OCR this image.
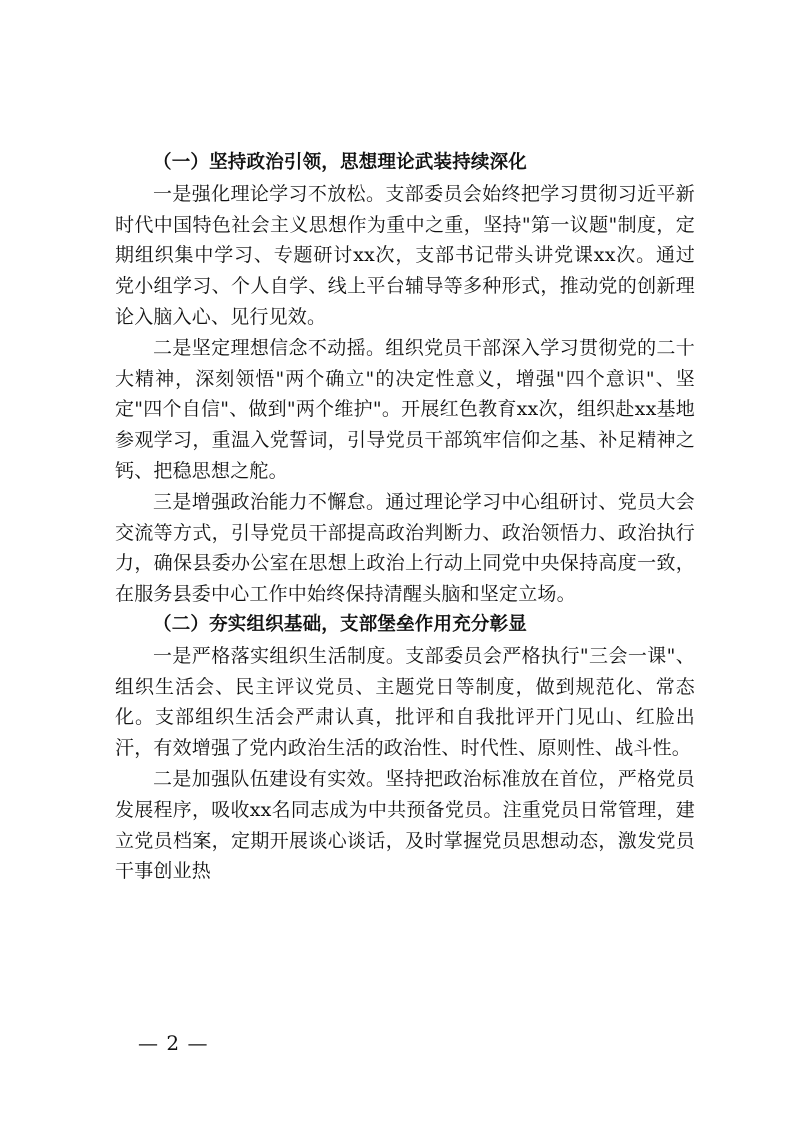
（一）坚持政治引领，思想理论武装持续深化

一是强化理论学习不放松。支部委员会始终把学习贯彻习近平新时代中国特色社会主义思想作为重中之重，坚持"第一议题"制度，定期组织集中学习、专题研讨xx次，支部书记带头讲党课xx次。通过党小组学习、个人自学、线上平台辅导等多种形式，推动党的创新理论入脑入心、见行见效。

二是坚定理想信念不动摇。组织党员干部深入学习贯彻党的二十大精神，深刻领悟"两个确立"的决定性意义，增强"四个意识"、坚定"四个自信"、做到"两个维护"。开展红色教育xx次，组织赴xx基地参观学习，重温入党誓词，引导党员干部筑牢信仰之基、补足精神之钙、把稳思想之舵。

三是增强政治能力不懈怠。通过理论学习中心组研讨、党员大会交流等方式，引导党员干部提高政治判断力、政治领悟力、政治执行力，确保县委办公室在思想上政治上行动上同党中央保持高度一致，在服务县委中心工作中始终保持清醒头脑和坚定立场。

（二）夯实组织基础，支部堡垒作用充分彰显

一是严格落实组织生活制度。支部委员会严格执行"三会一课"、组织生活会、民主评议党员、主题党日等制度，做到规范化、常态化。支部组织生活会严肃认真，批评和自我批评开门见山、红脸出汗，有效增强了党内政治生活的政治性、时代性、原则性、战斗性。

二是加强队伍建设有实效。坚持把政治标准放在首位，严格党员发展程序，吸收xx名同志成为中共预备党员。注重党员日常管理，建立党员档案，定期开展谈心谈话，及时掌握党员思想动态，激发党员干事创业热

— 2 —
